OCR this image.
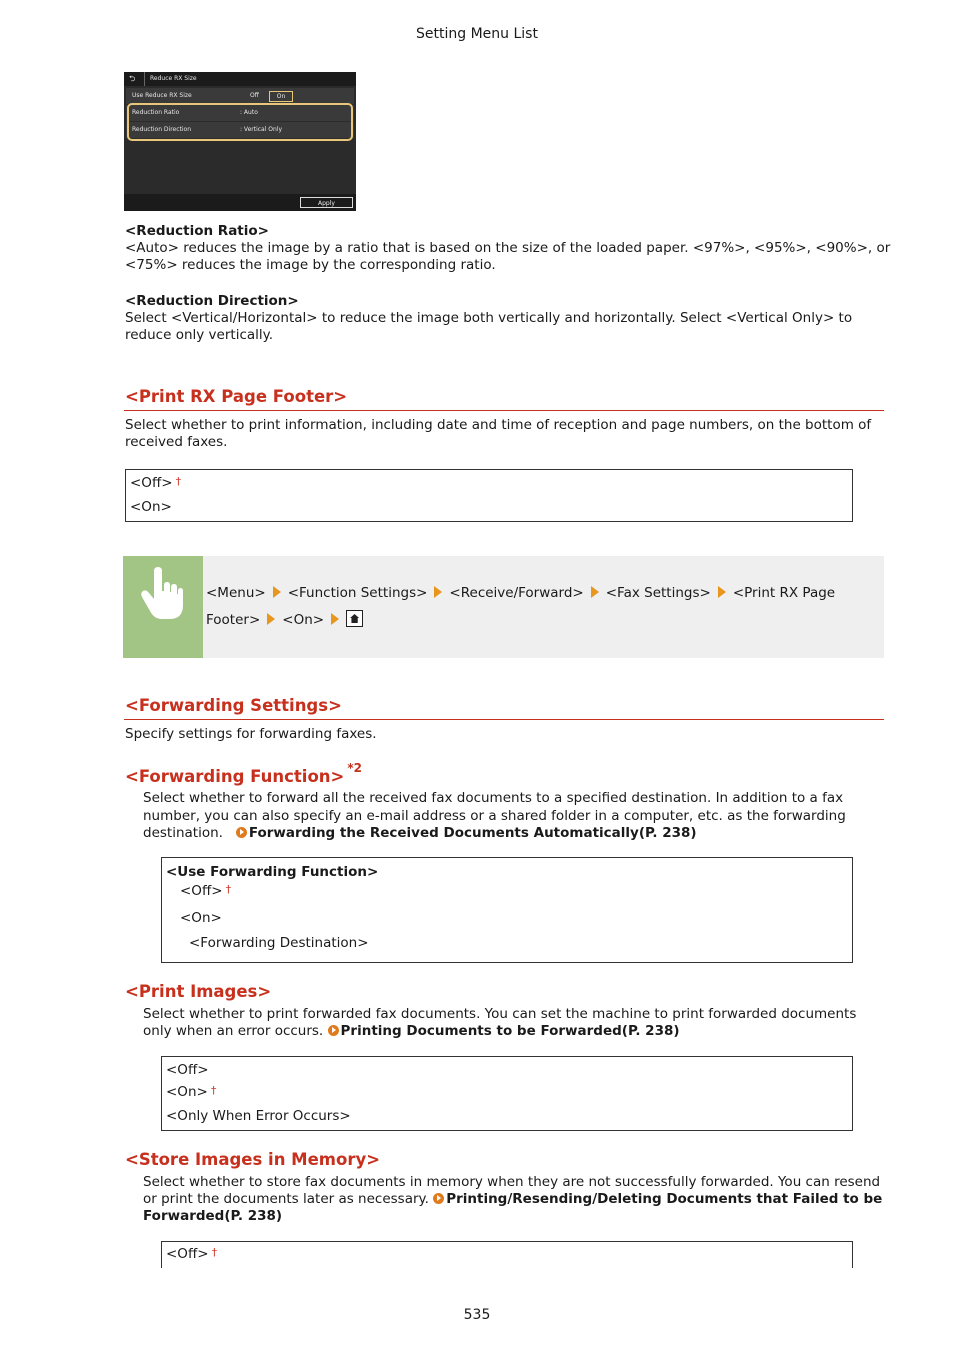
Setting Menu List
⮌ Reduce RX Size
Use Reduce RX Size	Off	On
Reduction Ratio	: Auto
Reduction Direction	: Vertical Only
Apply
<Reduction Ratio>
<Auto> reduces the image by a ratio that is based on the size of the loaded paper. <97%>, <95%>, <90%>, or
<75%> reduces the image by the corresponding ratio.
<Reduction Direction>
Select <Vertical/Horizontal> to reduce the image both vertically and horizontally. Select <Vertical Only> to
reduce only vertically.
<Print RX Page Footer>
Select whether to print information, including date and time of reception and page numbers, on the bottom of
received faxes.
<Off> †
<On>
<Menu> <Function Settings> <Receive/Forward> <Fax Settings> <Print RX Page
Footer> <On>
<Forwarding Settings>
Specify settings for forwarding faxes.
<Forwarding Function> $^{*2}$
Select whether to forward all the received fax documents to a specified destination. In addition to a fax
number, you can also specify an e-mail address or a shared folder in a computer, etc. as the forwarding
destination. Forwarding the Received Documents Automatically(P. 238)
<Use Forwarding Function>
<Off> †
<On>
<Forwarding Destination>
<Print Images>
Select whether to print forwarded fax documents. You can set the machine to print forwarded documents
only when an error occurs. Printing Documents to be Forwarded(P. 238)
<Off>
<On> †
<Only When Error Occurs>
<Store Images in Memory>
Select whether to store fax documents in memory when they are not successfully forwarded. You can resend
or print the documents later as necessary. Printing/Resending/Deleting Documents that Failed to be
Forwarded(P. 238)
<Off> †
535
